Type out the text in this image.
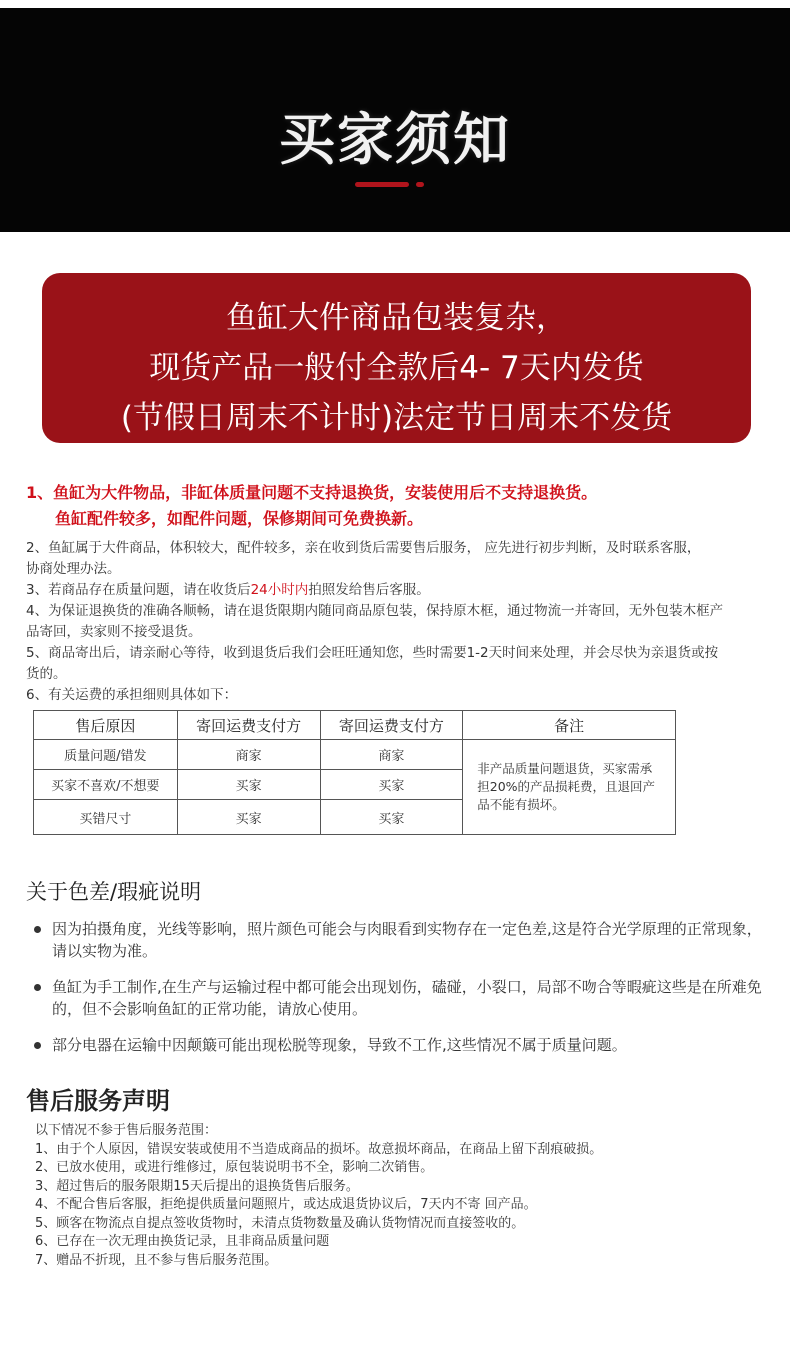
买家须知
鱼缸大件商品包装复杂，
现货产品一般付全款后4- 7天内发货
(节假日周末不计时)法定节日周末不发货
1、鱼缸为大件物品，非缸体质量问题不支持退换货，安装使用后不支持退换货。
鱼缸配件较多，如配件问题，保修期间可免费换新。
2、鱼缸属于大件商品，体积较大，配件较多，亲在收到货后需要售后服务， 应先进行初步判断，及时联系客服，
协商处理办法。
3、若商品存在质量问题，请在收货后24小时内拍照发给售后客服。
4、为保证退换货的准确各顺畅，请在退货限期内随同商品原包装，保持原木框，通过物流一并寄回，无外包装木框产
品寄回，卖家则不接受退货。
5、商品寄出后，请亲耐心等待，收到退货后我们会旺旺通知您，些时需要1-2天时间来处理，并会尽快为亲退货或按
货的。
6、有关运费的承担细则具体如下：
售后原因	寄回运费支付方	寄回运费支付方	备注
质量问题/错发	商家	商家	非产品质量问题退货，买家需承担20%的产品损耗费，且退回产品不能有损坏。
买家不喜欢/不想要	买家	买家	
买错尺寸	买家	买家	
关于色差/瑕疵说明
因为拍摄角度，光线等影响，照片颜色可能会与肉眼看到实物存在一定色差,这是符合光学原理的正常现象，请以实物为准。
鱼缸为手工制作,在生产与运输过程中都可能会出现划伤，磕碰，小裂口，局部不吻合等暇疵这些是在所难免的，但不会影响鱼缸的正常功能，请放心使用。
部分电器在运输中因颠簸可能出现松脱等现象，导致不工作,这些情况不属于质量问题。
售后服务声明
以下情况不参于售后服务范围：
1、由于个人原因，错误安装或使用不当造成商品的损坏。故意损坏商品，在商品上留下刮痕破损。
2、已放水使用，或进行维修过，原包装说明书不全，影响二次销售。
3、超过售后的服务限期15天后提出的退换货售后服务。
4、不配合售后客服，拒绝提供质量问题照片，或达成退货协议后，7天内不寄 回产品。
5、顾客在物流点自提点签收货物时，未清点货物数量及确认货物情况而直接签收的。
6、已存在一次无理由换货记录，且非商品质量问题
7、赠品不折现，且不参与售后服务范围。
